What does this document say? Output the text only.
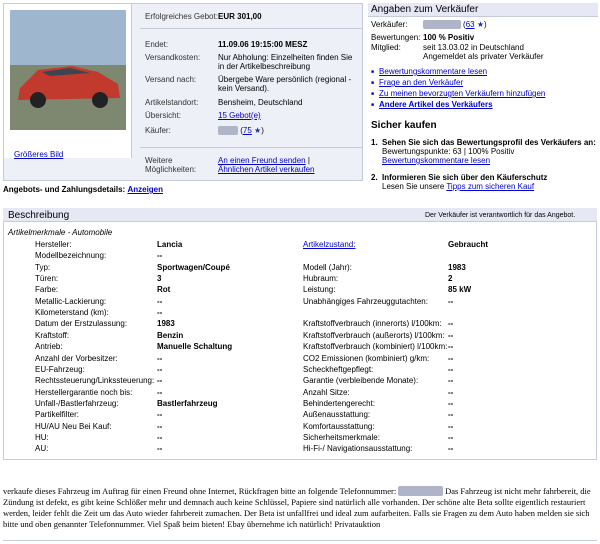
Größeres Bild
Erfolgreiches Gebot: EUR 301,00
Endet:	11.09.06 19:15:00 MESZ
Versandkosten: Nur Abholung: Einzelheiten finden Sie in der Artikelbeschreibung
Versand nach:	Übergebe Ware persönlich (regional - kein Versand).
Artikelstandort: Bensheim, Deutschland
Übersicht:	15 Gebot(e)
Käufer:	(75 ★)
Weitere Möglichkeiten:
An einen Freund senden |
Ähnlichen Artikel verkaufen
Angebots- und Zahlungsdetails: Anzeigen
Angaben zum Verkäufer
Verkäufer:	(63 ★)
Bewertungen: 100 % Positiv
Mitglied:	seit 13.03.02 in Deutschland
Angemeldet als privater Verkäufer
■ Bewertungskommentare lesen
■ Frage an den Verkäufer
■ Zu meinen bevorzugten Verkäufern hinzufügen
■ Andere Artikel des Verkäufers
Sicher kaufen
1. Sehen Sie sich das Bewertungsprofil des Verkäufers an:
Bewertungspunkte: 63 | 100% Positiv
Bewertungskommentare lesen
2. Informieren Sie sich über den Käuferschutz
Lesen Sie unsere Tipps zum sicheren Kauf
Beschreibung	Der Verkäufer ist verantwortlich für das Angebot.
Artikelmerkmale - Automobile
Hersteller:	Lancia	Artikelzustand:	Gebraucht
Modellbezeichnung:	--
Typ:	Sportwagen/Coupé	Modell (Jahr):	1983
Türen:	3	Hubraum:	2
Farbe:	Rot	Leistung:	85 kW
Metallic-Lackierung:	--	Unabhängiges Fahrzeuggutachten:	--
Kilometerstand (km):	--
Datum der Erstzulassung:	1983	Kraftstoffverbrauch (innerorts) l/100km: --
Kraftstoff:	Benzin	Kraftstoffverbrauch (außerorts) l/100km: --
Antrieb:	Manuelle Schaltung	Kraftstoffverbrauch (kombiniert) l/100km: --
Anzahl der Vorbesitzer:	--	CO2 Emissionen (kombiniert) g/km: --
EU-Fahrzeug:	--	Scheckheftgepflegt:	--
Rechtssteuerung/Linkssteuerung: --	Garantie (verbleibende Monate):	--
Herstellergarantie noch bis:	--	Anzahl Sitze:	--
Unfall-/Bastlerfahrzeug:	Bastlerfahrzeug	Behindertengerecht:	--
Partikelfilter:	--	Außenausstattung:	--
HU/AU Neu Bei Kauf:	--	Komfortausstattung:	--
HU:	--	Sicherheitsmerkmale:	--
AU:	--	Hi-Fi-/ Navigationsausstattung:	--
verkaufe dieses Fahrzeug im Auftrag für einen Freund ohne Internet, Rückfragen bitte an folgende Telefonnummer:	Das Fahrzeug ist nicht mehr fahrbereit, die Zündung ist defekt, es gibt keine Schlößer mehr und demnach auch keine Schlüssel, Papiere sind natürlich alle vorhanden. Der schöne alte Beta sollte eigentlich restauriert werden, leider fehlt die Zeit um das Auto wieder fahrbereit zumachen. Der Beta ist unfallfrei und ideal zum aufarbeiten. Falls sie Fragen zu dem Auto haben melden sie sich bitte und oben genannter Telefonnummer. Viel Spaß beim bieten! Ebay übernehme ich natürlich! Privatauktion
